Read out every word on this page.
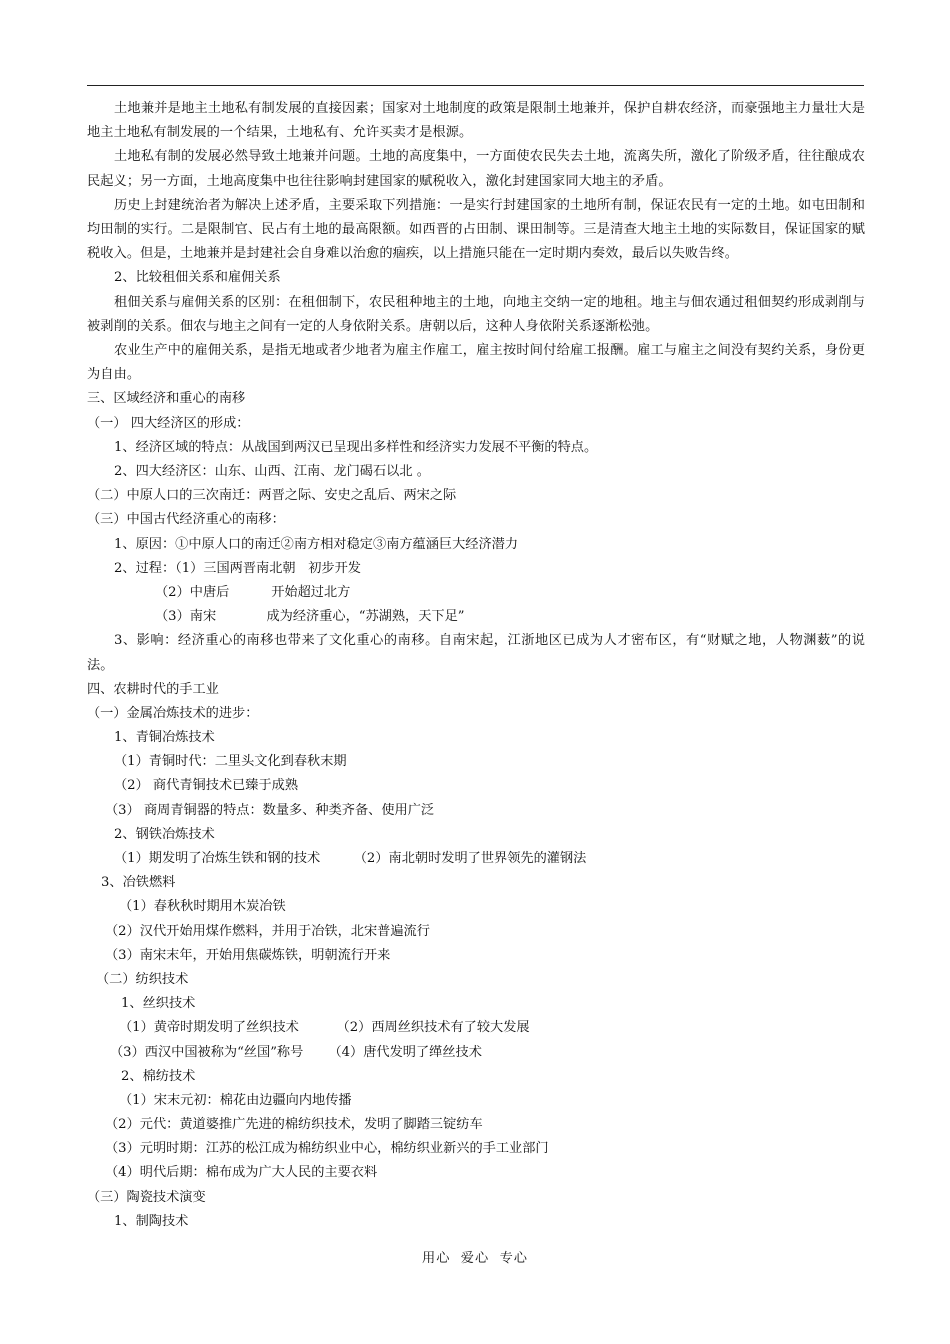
土地兼并是地主土地私有制发展的直接因素；国家对土地制度的政策是限制土地兼并，保护自耕农经济，而豪强地主力量壮大是地主土地私有制发展的一个结果，土地私有、允许买卖才是根源。
土地私有制的发展必然导致土地兼并问题。土地的高度集中，一方面使农民失去土地，流离失所，激化了阶级矛盾，往往酿成农民起义；另一方面，土地高度集中也往往影响封建国家的赋税收入，激化封建国家同大地主的矛盾。
历史上封建统治者为解决上述矛盾，主要采取下列措施：一是实行封建国家的土地所有制，保证农民有一定的土地。如屯田制和均田制的实行。二是限制官、民占有土地的最高限额。如西晋的占田制、课田制等。三是清查大地主土地的实际数目，保证国家的赋税收入。但是，土地兼并是封建社会自身难以治愈的痼疾，以上措施只能在一定时期内奏效，最后以失败告终。
2、比较租佃关系和雇佣关系
租佃关系与雇佣关系的区别：在租佃制下，农民租种地主的土地，向地主交纳一定的地租。地主与佃农通过租佃契约形成剥削与被剥削的关系。佃农与地主之间有一定的人身依附关系。唐朝以后，这种人身依附关系逐渐松弛。
农业生产中的雇佣关系，是指无地或者少地者为雇主作雇工，雇主按时间付给雇工报酬。雇工与雇主之间没有契约关系，身份更为自由。
三、区域经济和重心的南移
（一） 四大经济区的形成：
1、经济区域的特点：从战国到两汉已呈现出多样性和经济实力发展不平衡的特点。
2、四大经济区：山东、山西、江南、龙门碣石以北 。
（二）中原人口的三次南迁：两晋之际、安史之乱后、两宋之际
（三）中国古代经济重心的南移：
1、原因：①中原人口的南迁②南方相对稳定③南方蕴涵巨大经济潜力
2、过程：（1）三国两晋南北朝   初步开发
（2）中唐后          开始超过北方
（3）南宋            成为经济重心，“苏湖熟，天下足”
3、影响：经济重心的南移也带来了文化重心的南移。自南宋起，江浙地区已成为人才密布区，有“财赋之地，人物渊薮”的说法。
四、农耕时代的手工业
（一）金属冶炼技术的进步：
1、青铜冶炼技术
（1）青铜时代：二里头文化到春秋末期
（2） 商代青铜技术已臻于成熟
（3） 商周青铜器的特点：数量多、种类齐备、使用广泛
2、钢铁冶炼技术
（1）期发明了冶炼生铁和钢的技术        （2）南北朝时发明了世界领先的灌钢法
3、冶铁燃料
（1）春秋秋时期用木炭冶铁
（2）汉代开始用煤作燃料，并用于冶铁，北宋普遍流行
（3）南宋末年，开始用焦碳炼铁，明朝流行开来
（二）纺织技术
1、丝织技术
（1）黄帝时期发明了丝织技术         （2）西周丝织技术有了较大发展
（3）西汉中国被称为“丝国”称号      （4）唐代发明了缂丝技术
2、棉纺技术
（1）宋末元初：棉花由边疆向内地传播
（2）元代：黄道婆推广先进的棉纺织技术，发明了脚踏三锭纺车
（3）元明时期：江苏的松江成为棉纺织业中心，棉纺织业新兴的手工业部门
（4）明代后期：棉布成为广大人民的主要衣料
（三）陶瓷技术演变
1、制陶技术
用心  爱心  专心
